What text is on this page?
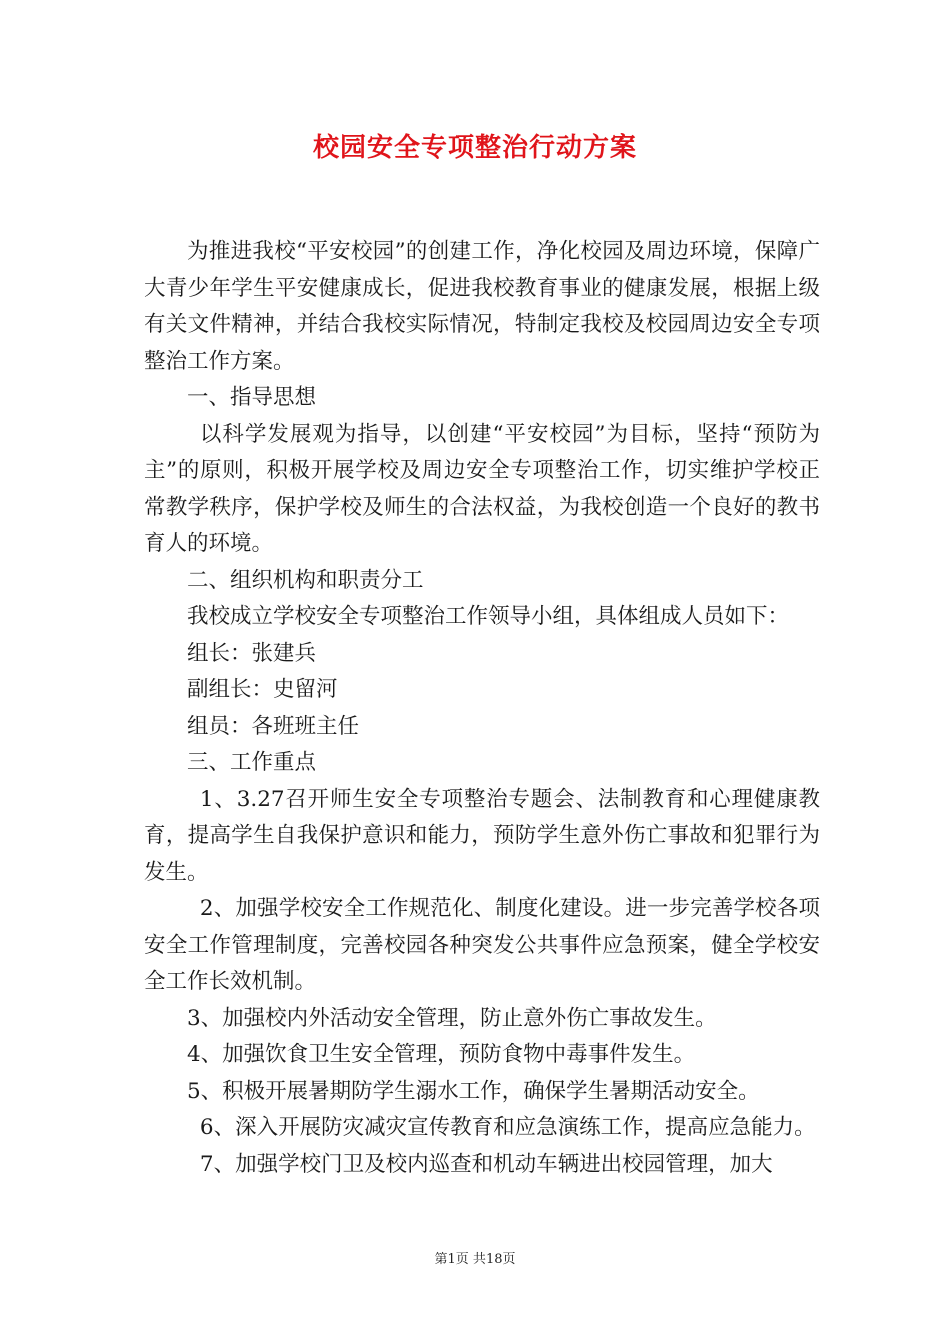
校园安全专项整治行动方案

为推进我校“平安校园”的创建工作，净化校园及周边环境，保障广大青少年学生平安健康成长，促进我校教育事业的健康发展，根据上级有关文件精神，并结合我校实际情况，特制定我校及校园周边安全专项整治工作方案。

一、指导思想

以科学发展观为指导，以创建“平安校园”为目标，坚持“预防为主”的原则，积极开展学校及周边安全专项整治工作，切实维护学校正常教学秩序，保护学校及师生的合法权益，为我校创造一个良好的教书育人的环境。

二、组织机构和职责分工

我校成立学校安全专项整治工作领导小组，具体组成人员如下：

组长：张建兵

副组长：史留河

组员：各班班主任

三、工作重点

1、3.27召开师生安全专项整治专题会、法制教育和心理健康教育，提高学生自我保护意识和能力，预防学生意外伤亡事故和犯罪行为发生。

2、加强学校安全工作规范化、制度化建设。进一步完善学校各项安全工作管理制度，完善校园各种突发公共事件应急预案，健全学校安全工作长效机制。

3、加强校内外活动安全管理，防止意外伤亡事故发生。

4、加强饮食卫生安全管理，预防食物中毒事件发生。

5、积极开展暑期防学生溺水工作，确保学生暑期活动安全。

6、深入开展防灾减灾宣传教育和应急演练工作，提高应急能力。

7、加强学校门卫及校内巡查和机动车辆进出校园管理，加大

第1页 共18页
